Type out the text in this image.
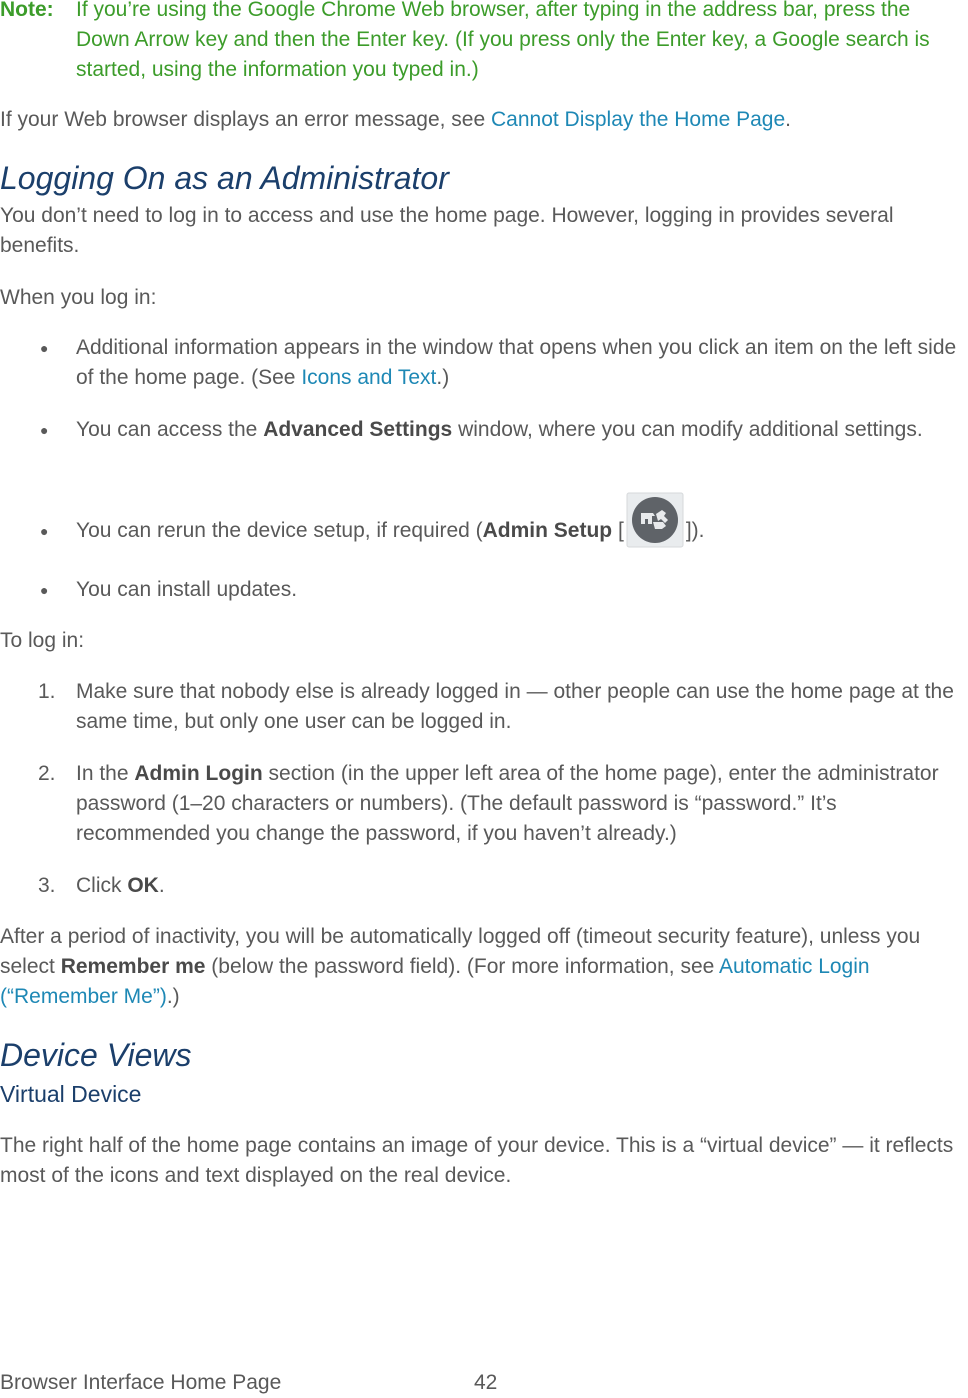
Note: If you’re using the Google Chrome Web browser, after typing in the address bar, press the Down Arrow key and then the Enter key. (If you press only the Enter key, a Google search is started, using the information you typed in.)

If your Web browser displays an error message, see Cannot Display the Home Page.

Logging On as an Administrator

You don’t need to log in to access and use the home page. However, logging in provides several benefits.

When you log in:

● Additional information appears in the window that opens when you click an item on the left side of the home page. (See Icons and Text.)

● You can access the Advanced Settings window, where you can modify additional settings.

● You can rerun the device setup, if required (Admin Setup [	]).

● You can install updates.

To log in:

1. Make sure that nobody else is already logged in — other people can use the home page at the same time, but only one user can be logged in.

2. In the Admin Login section (in the upper left area of the home page), enter the administrator password (1–20 characters or numbers). (The default password is “password.” It’s recommended you change the password, if you haven’t already.)

3. Click OK.

After a period of inactivity, you will be automatically logged off (timeout security feature), unless you select Remember me (below the password field). (For more information, see Automatic Login (“Remember Me”).)

Device Views
Virtual Device

The right half of the home page contains an image of your device. This is a “virtual device” — it reflects most of the icons and text displayed on the real device.

Browser Interface Home Page	42
